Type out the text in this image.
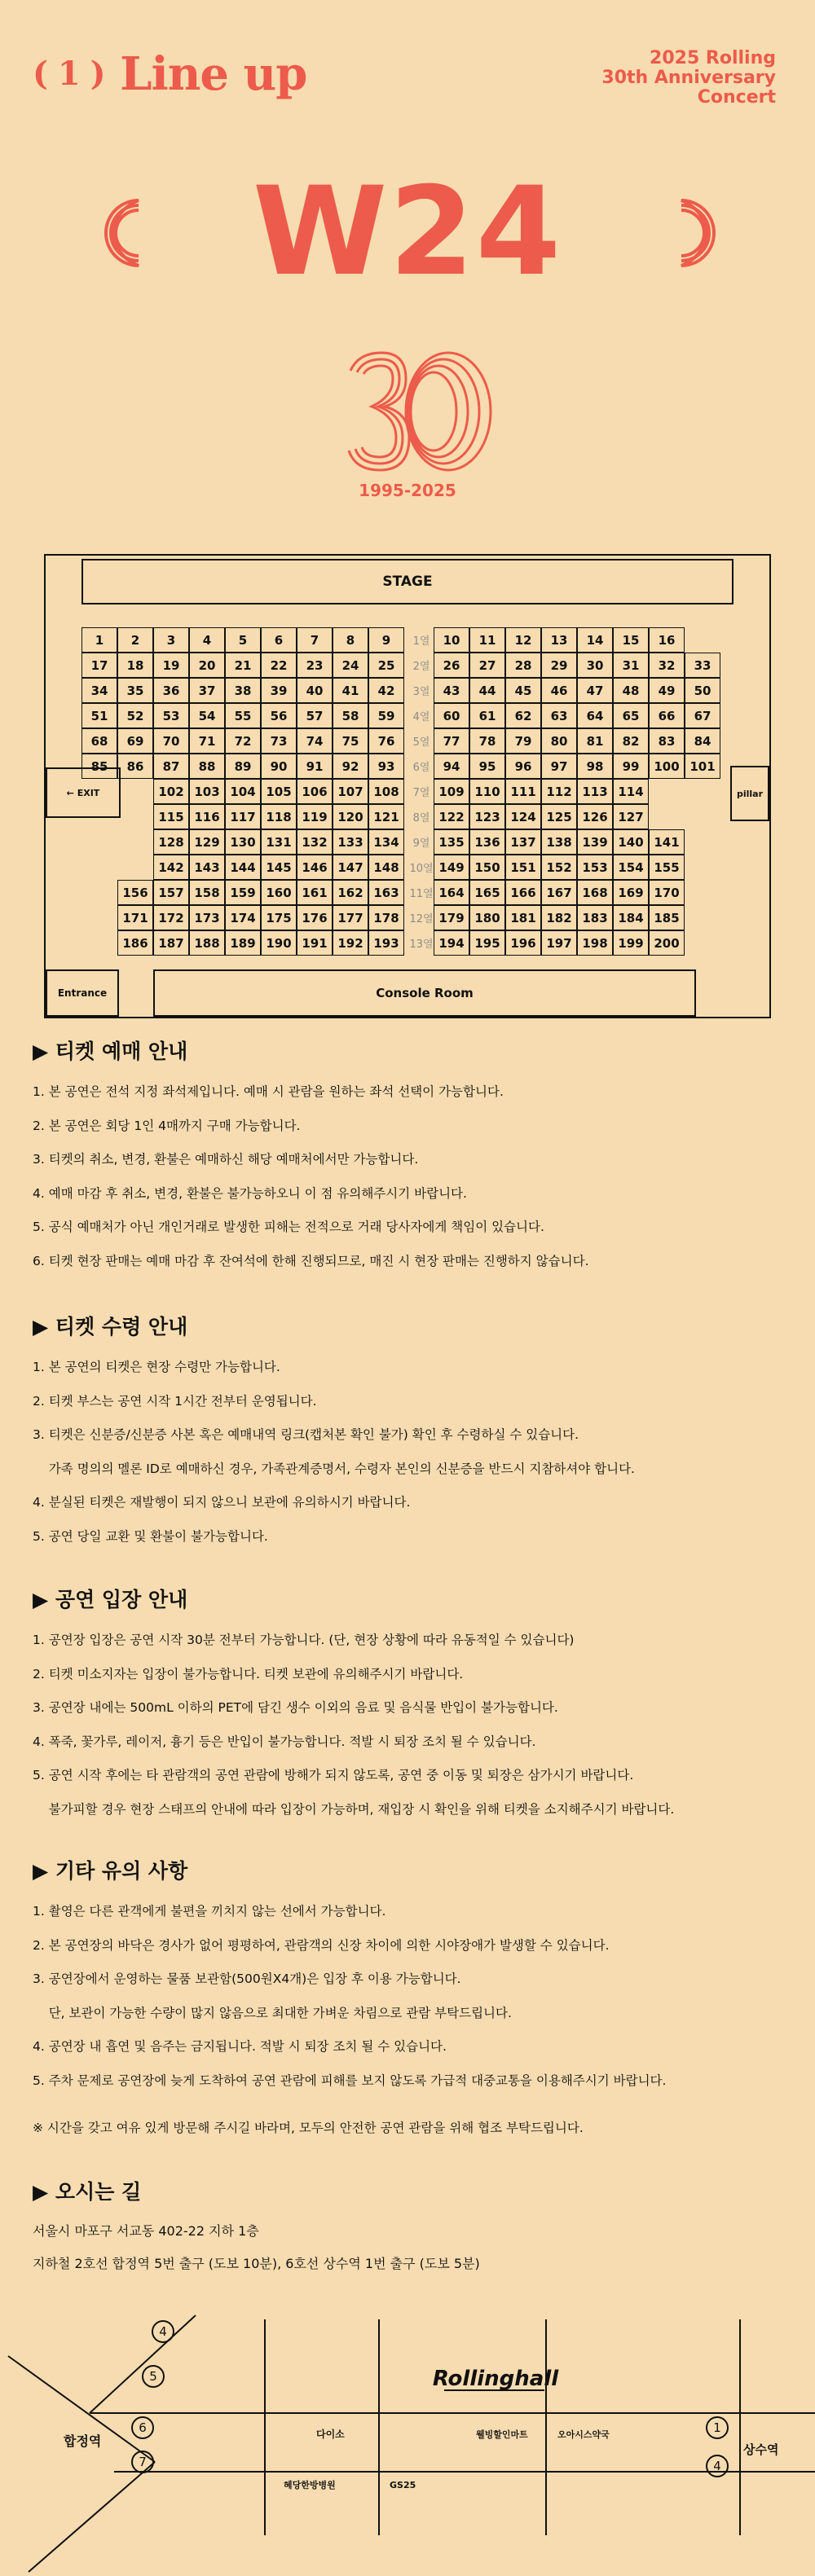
( 1 ) Line up	2025 Rolling
30th Anniversary
Concert
W24
1995-2025
STAGE
← EXIT	pillar
Entrance	Console Room
1	2	3	4	5	6	7	8	9	1열	10	11	12	13	14	15	16
17	18	19	20	21	22	23	24	25	2열	26	27	28	29	30	31	32	33
34	35	36	37	38	39	40	41	42	3열	43	44	45	46	47	48	49	50
51	52	53	54	55	56	57	58	59	4열	60	61	62	63	64	65	66	67
68	69	70	71	72	73	74	75	76	5열	77	78	79	80	81	82	83	84
85	86	87	88	89	90	91	92	93	6열	94	95	96	97	98	99	100 101
102 103 104 105 106 107 108	7열 109 110 111 112 113 114
115 116 117 118 119 120 121	8열 122 123 124 125 126 127
128 129 130 131 132 133 134	9열 135 136 137 138 139 140 141
142 143 144 145 146 147 148 10열 149 150 151 152 153 154 155
156 157 158 159 160 161 162 163 11열 164 165 166 167 168 169 170
171 172 173 174 175 176 177 178 12열 179 180 181 182 183 184 185
186 187 188 189 190 191 192 193 13열 194 195 196 197 198 199 200
▶ 티켓 예매 안내
1. 본 공연은 전석 지정 좌석제입니다. 예매 시 관람을 원하는 좌석 선택이 가능합니다.
2. 본 공연은 회당 1인 4매까지 구매 가능합니다.
3. 티켓의 취소, 변경, 환불은 예매하신 해당 예매처에서만 가능합니다.
4. 예매 마감 후 취소, 변경, 환불은 불가능하오니 이 점 유의해주시기 바랍니다.
5. 공식 예매처가 아닌 개인거래로 발생한 피해는 전적으로 거래 당사자에게 책임이 있습니다.
6. 티켓 현장 판매는 예매 마감 후 잔여석에 한해 진행되므로, 매진 시 현장 판매는 진행하지 않습니다.
▶ 티켓 수령 안내
1. 본 공연의 티켓은 현장 수령만 가능합니다.
2. 티켓 부스는 공연 시작 1시간 전부터 운영됩니다.
3. 티켓은 신분증/신분증 사본 혹은 예매내역 링크(캡처본 확인 불가) 확인 후 수령하실 수 있습니다.
가족 명의의 멜론 ID로 예매하신 경우, 가족관계증명서, 수령자 본인의 신분증을 반드시 지참하셔야 합니다.
4. 분실된 티켓은 재발행이 되지 않으니 보관에 유의하시기 바랍니다.
5. 공연 당일 교환 및 환불이 불가능합니다.
▶ 공연 입장 안내
1. 공연장 입장은 공연 시작 30분 전부터 가능합니다. (단, 현장 상황에 따라 유동적일 수 있습니다)
2. 티켓 미소지자는 입장이 불가능합니다. 티켓 보관에 유의해주시기 바랍니다.
3. 공연장 내에는 500mL 이하의 PET에 담긴 생수 이외의 음료 및 음식물 반입이 불가능합니다.
4. 폭죽, 꽃가루, 레이저, 흉기 등은 반입이 불가능합니다. 적발 시 퇴장 조치 될 수 있습니다.
5. 공연 시작 후에는 타 관람객의 공연 관람에 방해가 되지 않도록, 공연 중 이동 및 퇴장은 삼가시기 바랍니다.
불가피할 경우 현장 스태프의 안내에 따라 입장이 가능하며, 재입장 시 확인을 위해 티켓을 소지해주시기 바랍니다.
▶ 기타 유의 사항
1. 촬영은 다른 관객에게 불편을 끼치지 않는 선에서 가능합니다.
2. 본 공연장의 바닥은 경사가 없어 평평하여, 관람객의 신장 차이에 의한 시야장애가 발생할 수 있습니다.
3. 공연장에서 운영하는 물품 보관함(500원X4개)은 입장 후 이용 가능합니다.
단, 보관이 가능한 수량이 많지 않음으로 최대한 가벼운 차림으로 관람 부탁드립니다.
4. 공연장 내 흡연 및 음주는 금지됩니다. 적발 시 퇴장 조치 될 수 있습니다.
5. 주차 문제로 공연장에 늦게 도착하여 공연 관람에 피해를 보지 않도록 가급적 대중교통을 이용해주시기 바랍니다.
※ 시간을 갖고 여유 있게 방문해 주시길 바라며, 모두의 안전한 공연 관람을 위해 협조 부탁드립니다.
▶ 오시는 길
서울시 마포구 서교동 402-22 지하 1층
지하철 2호선 합정역 5번 출구 (도보 10분), 6호선 상수역 1번 출구 (도보 5분)
4
5
6
7
1
4
Rollinghall
합정역
상수역
다이소
혜당한방병원	GS25
웰빙할인마트	오아시스약국
